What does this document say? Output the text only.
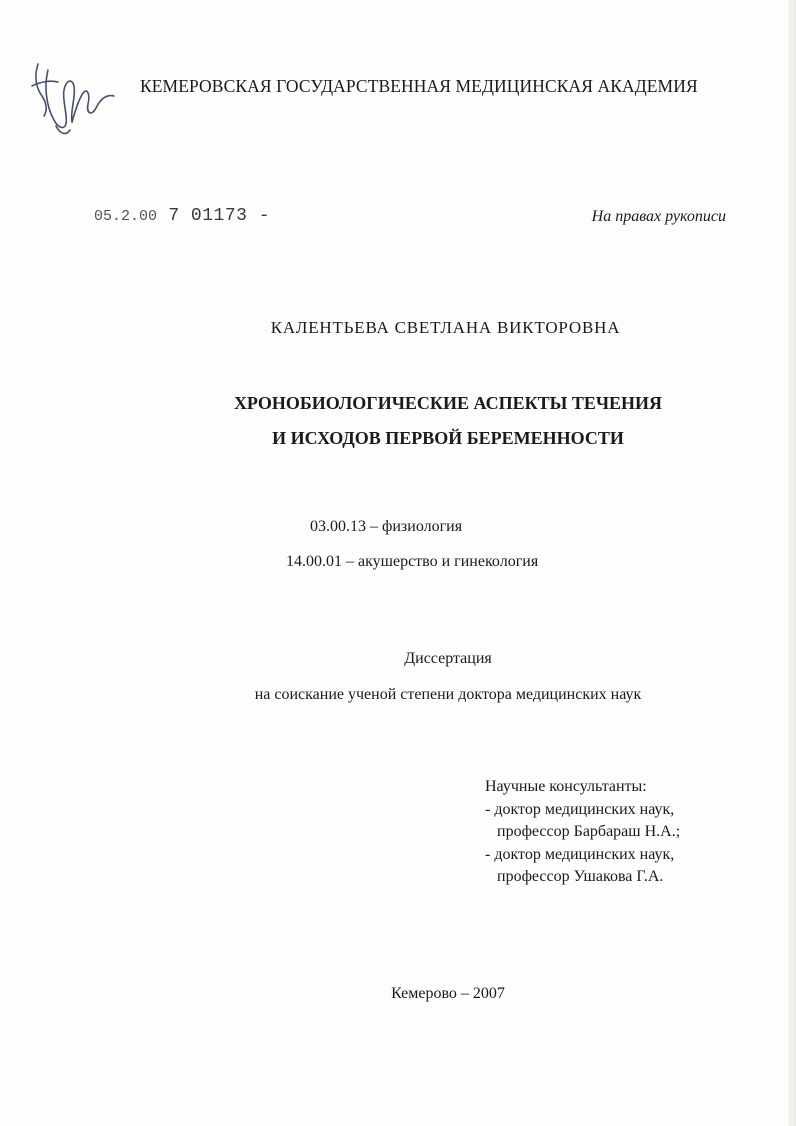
КЕМЕРОВСКАЯ ГОСУДАРСТВЕННАЯ МЕДИЦИНСКАЯ АКАДЕМИЯ
05.2.00 7 01173 -	На правах рукописи
КАЛЕНТЬЕВА СВЕТЛАНА ВИКТОРОВНА
ХРОНОБИОЛОГИЧЕСКИЕ АСПЕКТЫ ТЕЧЕНИЯ
И ИСХОДОВ ПЕРВОЙ БЕРЕМЕННОСТИ
03.00.13 – физиология
14.00.01 – акушерство и гинекология
Диссертация
на соискание ученой степени доктора медицинских наук
Научные консультанты:
- доктор медицинских наук,
профессор Барбараш Н.А.;
- доктор медицинских наук,
профессор Ушакова Г.А.
Кемерово – 2007
